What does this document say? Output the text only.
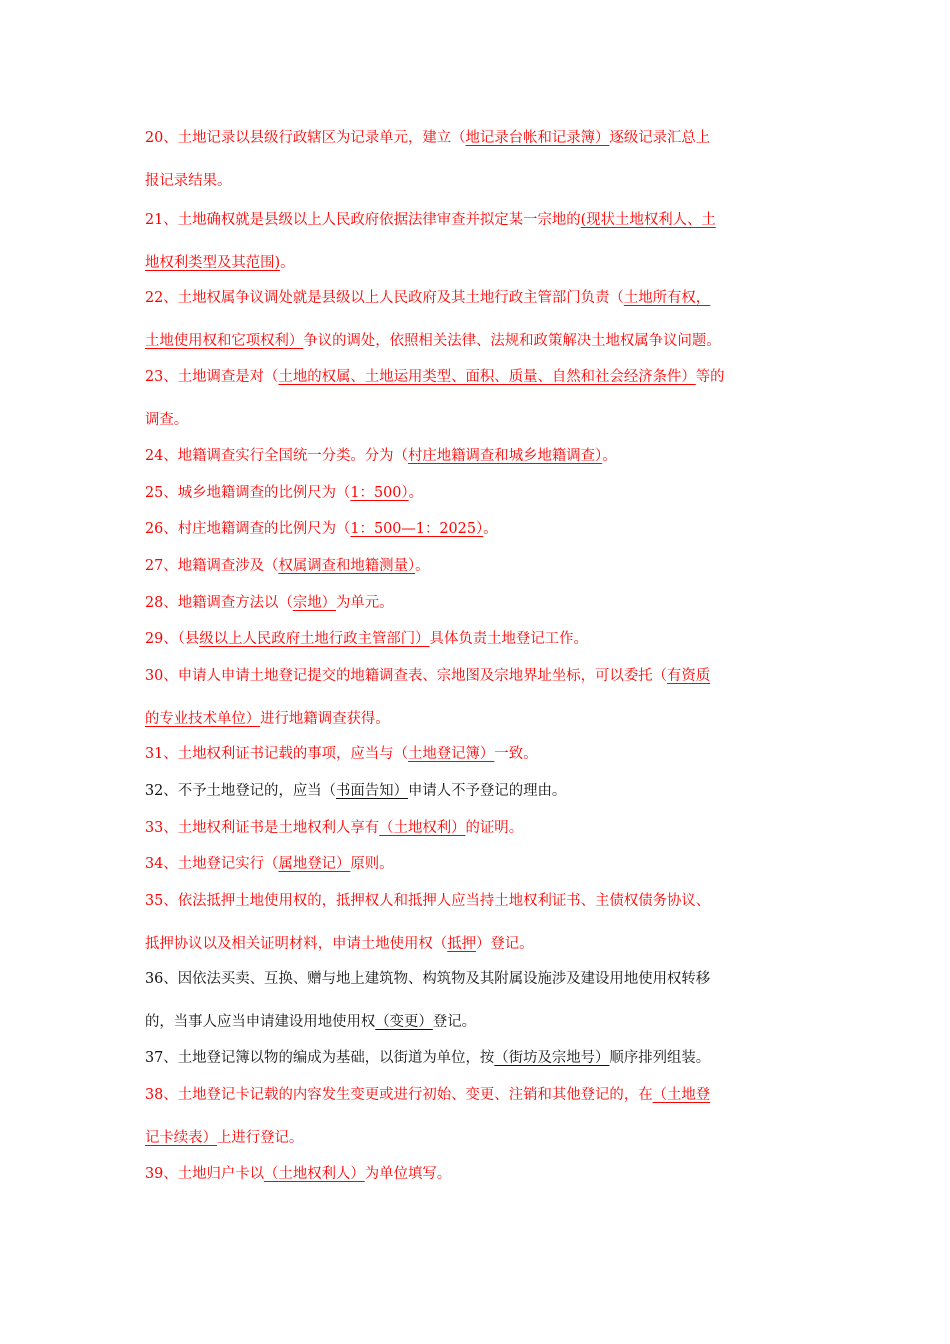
20、土地记录以县级行政辖区为记录单元，建立（地记录台帐和记录簿）逐级记录汇总上
报记录结果。
21、土地确权就是县级以上人民政府依据法律审查并拟定某一宗地的(现状土地权利人、土
地权利类型及其范围)。
22、土地权属争议调处就是县级以上人民政府及其土地行政主管部门负责（土地所有权，
土地使用权和它项权利）争议的调处，依照相关法律、法规和政策解决土地权属争议问题。
23、土地调查是对（土地的权属、土地运用类型、面积、质量、自然和社会经济条件）等的
调查。
24、地籍调查实行全国统一分类。分为（村庄地籍调查和城乡地籍调查）。
25、城乡地籍调查的比例尺为（1：500）。
26、村庄地籍调查的比例尺为（1：500—1：2025）。
27、地籍调查涉及（权属调查和地籍测量）。
28、地籍调查方法以（宗地）为单元。
29、（县级以上人民政府土地行政主管部门）具体负责土地登记工作。
30、申请人申请土地登记提交的地籍调查表、宗地图及宗地界址坐标，可以委托（有资质
的专业技术单位）进行地籍调查获得。
31、土地权利证书记载的事项，应当与（土地登记簿）一致。
32、不予土地登记的，应当（书面告知）申请人不予登记的理由。
33、土地权利证书是土地权利人享有（土地权利）的证明。
34、土地登记实行（属地登记）原则。
35、依法抵押土地使用权的，抵押权人和抵押人应当持土地权利证书、主债权债务协议、
抵押协议以及相关证明材料，申请土地使用权（抵押）登记。
36、因依法买卖、互换、赠与地上建筑物、构筑物及其附属设施涉及建设用地使用权转移
的，当事人应当申请建设用地使用权（变更）登记。
37、土地登记簿以物的编成为基础，以街道为单位，按（街坊及宗地号）顺序排列组装。
38、土地登记卡记载的内容发生变更或进行初始、变更、注销和其他登记的，在（土地登
记卡续表）上进行登记。
39、土地归户卡以（土地权利人）为单位填写。
